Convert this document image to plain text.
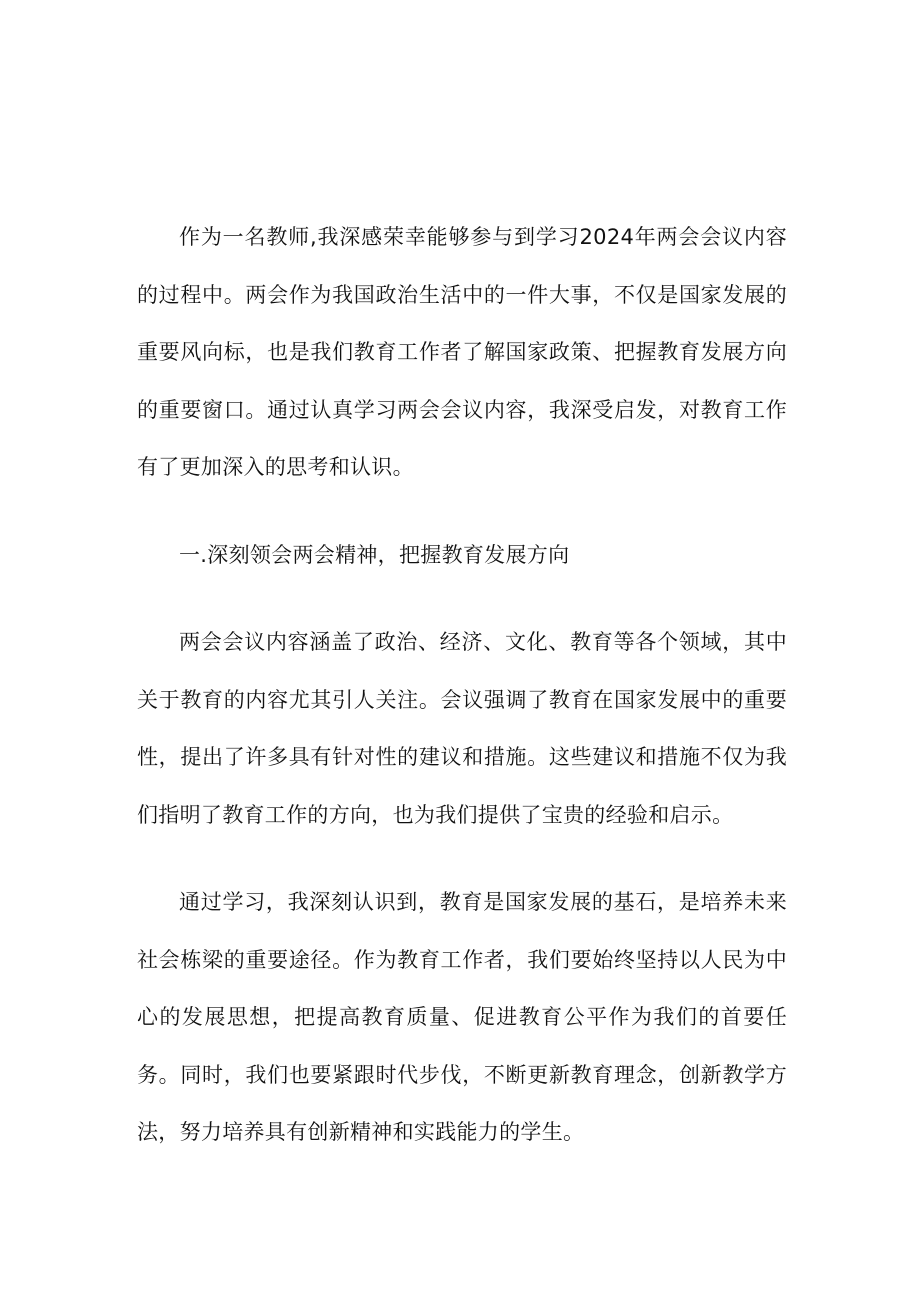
作为一名教师,我深感荣幸能够参与到学习2024年两会会议内容的过程中。两会作为我国政治生活中的一件大事，不仅是国家发展的重要风向标，也是我们教育工作者了解国家政策、把握教育发展方向的重要窗口。通过认真学习两会会议内容，我深受启发，对教育工作有了更加深入的思考和认识。

一.深刻领会两会精神，把握教育发展方向

两会会议内容涵盖了政治、经济、文化、教育等各个领域，其中关于教育的内容尤其引人关注。会议强调了教育在国家发展中的重要性，提出了许多具有针对性的建议和措施。这些建议和措施不仅为我们指明了教育工作的方向，也为我们提供了宝贵的经验和启示。

通过学习，我深刻认识到，教育是国家发展的基石，是培养未来社会栋梁的重要途径。作为教育工作者，我们要始终坚持以人民为中心的发展思想，把提高教育质量、促进教育公平作为我们的首要任务。同时，我们也要紧跟时代步伐，不断更新教育理念，创新教学方法，努力培养具有创新精神和实践能力的学生。
